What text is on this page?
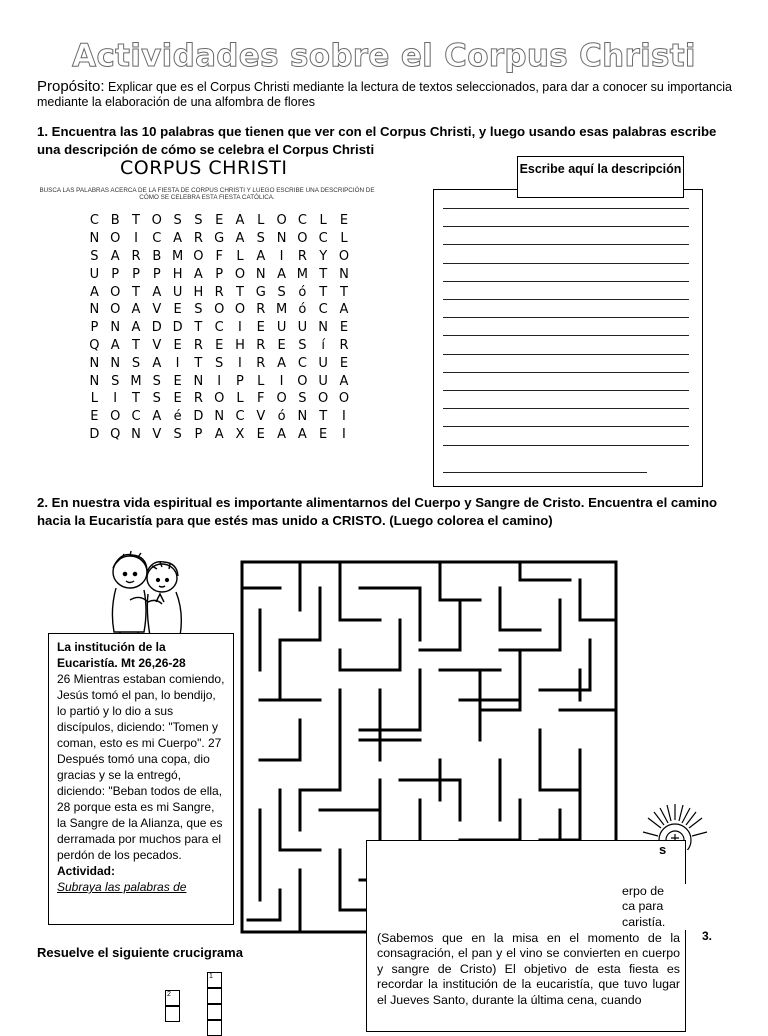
Actividades sobre el Corpus Christi
Propósito: Explicar que es el Corpus Christi mediante la lectura de textos seleccionados, para dar a conocer su importancia mediante la elaboración de una alfombra de flores
1. Encuentra las 10 palabras que tienen que ver con el Corpus Christi, y luego usando esas palabras escribe una descripción de cómo se celebra el Corpus Christi
CORPUS CHRISTI
BUSCA LAS PALABRAS ACERCA DE LA FIESTA DE CORPUS CHRISTI Y LUEGO ESCRIBE UNA DESCRIPCIÓN DE CÓMO SE CELEBRA ESTA FIESTA CATÓLICA.
C	B	T	O	S	S	E	A	L	O	C	L	E
N	O	I	C	A	R	G	A	S	N	O	C	L
S	A	R	B	M	O	F	L	A	I	R	Y	O
U	P	P	P	H	A	P	O	N	A	M	T	N
A	O	T	A	U	H	R	T	G	S	ó	T	T
N	O	A	V	E	S	O	O	R	M	ó	C	A
P	N	A	D	D	T	C	I	E	U	U	N	E
Q	A	T	V	E	R	E	H	R	E	S	í	R
N	N	S	A	I	T	S	I	R	A	C	U	E
N	S	M	S	E	N	I	P	L	I	O	U	A
L	I	T	S	E	R	O	L	F	O	S	O	O
E	O	C	A	é	D	N	C	V	ó	N	T	I
D	Q	N	V	S	P	A	X	E	A	A	E	I
Escribe aquí la descripción
2. En nuestra vida espiritual es importante alimentarnos del Cuerpo y Sangre de Cristo. Encuentra el camino hacia la Eucaristía para que estés mas unido a CRISTO. (Luego colorea el camino)
La institución de la Eucaristía. Mt 26,26-28
26 Mientras estaban comiendo, Jesús tomó el pan, lo bendijo, lo partió y lo dio a sus discípulos, diciendo: "Tomen y coman, esto es mi Cuerpo". 27 Después tomó una copa, dio gracias y se la entregó, diciendo: "Beban todos de ella, 28 porque esta es mi Sangre, la Sangre de la Alianza, que es derramada por muchos para el perdón de los pecados.
Actividad:
Subraya las palabras de
(Sabemos que en la misa en el momento de la consagración, el pan y el vino se convierten en cuerpo y sangre de Cristo) El objetivo de esta fiesta es recordar la institución de la eucaristía, que tuvo lugar el Jueves Santo, durante la última cena, cuando
s
erpo de
ca para
caristía.
3.
Resuelve el siguiente crucigrama
1
2
